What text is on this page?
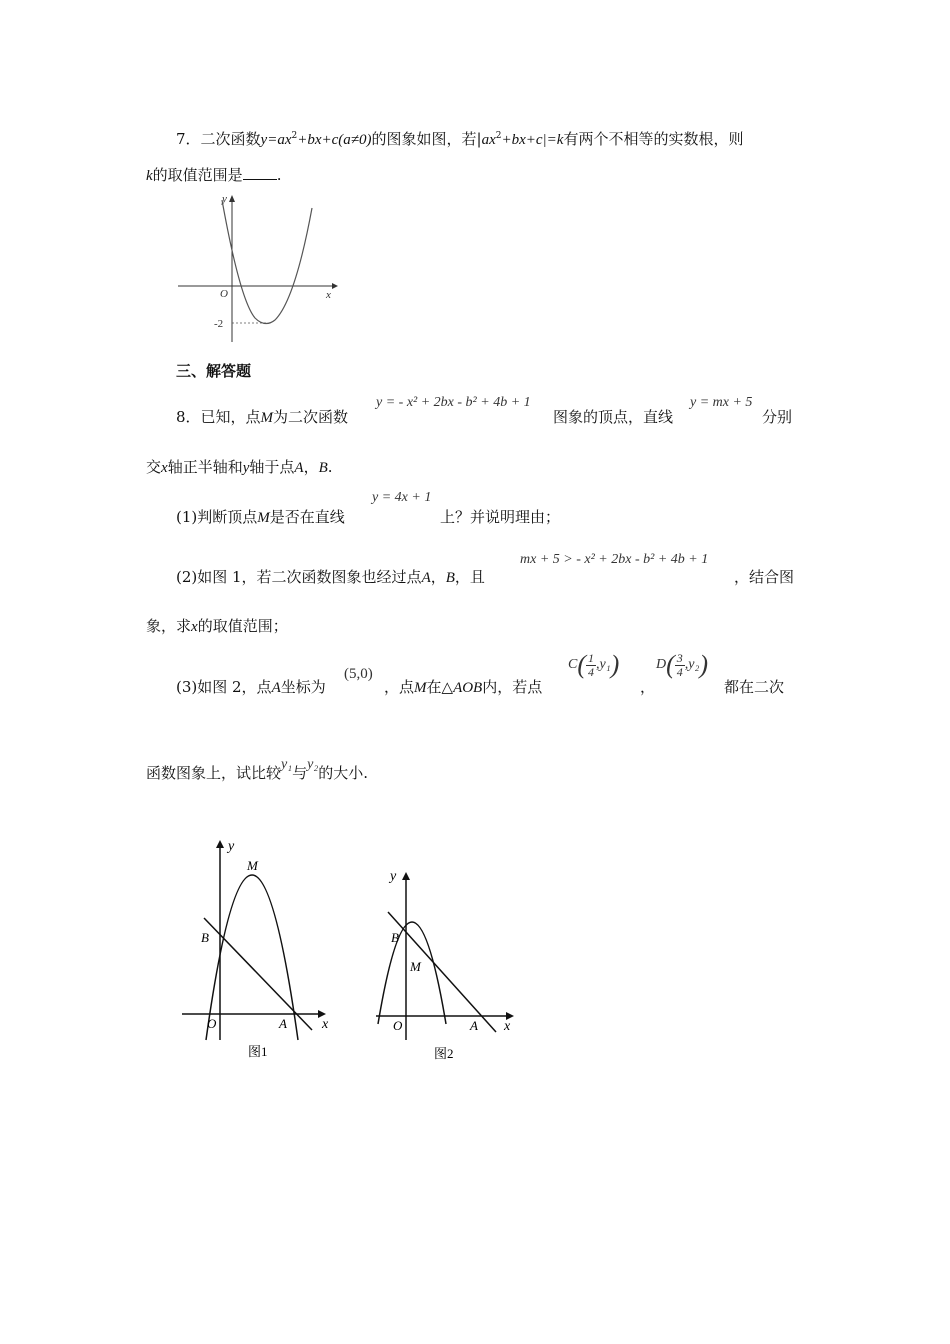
7．二次函数$y=ax^2+bx+c(a\ne 0)$的图象如图，若$|ax^2+bx+c|=k$有两个不相等的实数根，则
k的取值范围是 .
y
x
O
-2
三、解答题
8．已知，点M为二次函数
y = - x² + 2bx - b² + 4b + 1
图象的顶点，直线
y = mx + 5
分别
交x轴正半轴和y轴于点A，B.
(1)判断顶点M是否在直线
y = 4x + 1
上？并说明理由；
(2)如图 1，若二次函数图象也经过点A，B，且
mx + 5 > - x² + 2bx - b² + 4b + 1
，结合图
象，求x的取值范围；
(3)如图 2，点A坐标为
(5,0)
，点M在△AOB内，若点
$C( \frac{1}{4} ,y_1)$
，
$D( \frac{3}{4} ,y_2)$
都在二次
函数图象上，试比较y₁与y₂的大小.
y
x
M
B
O	A
图1
y
x
M
B
O	A
图2
